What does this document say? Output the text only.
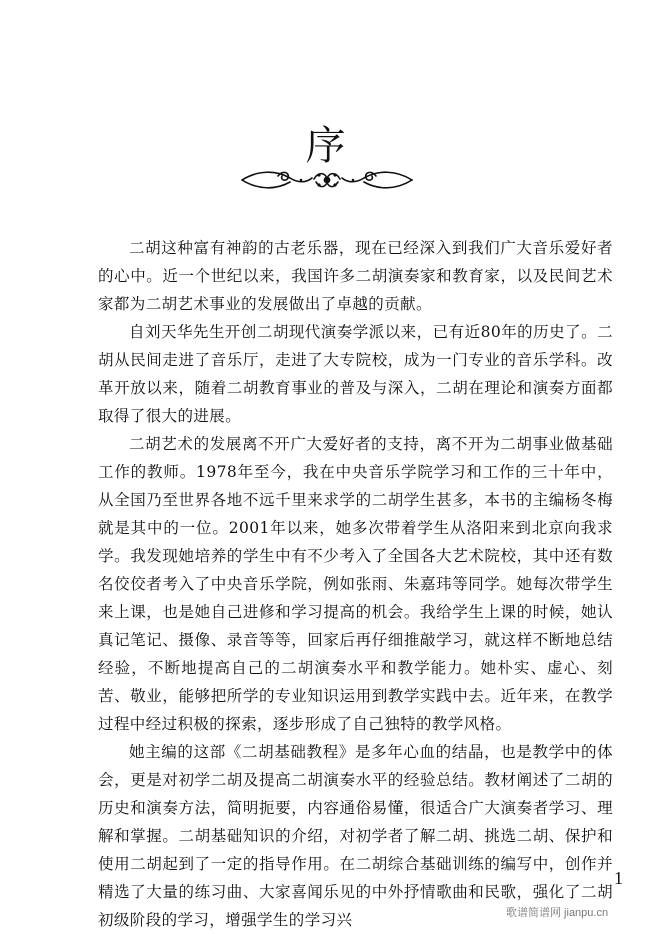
序

二胡这种富有神韵的古老乐器，现在已经深入到我们广大音乐爱好者的心中。近一个世纪以来，我国许多二胡演奏家和教育家，以及民间艺术家都为二胡艺术事业的发展做出了卓越的贡献。

自刘天华先生开创二胡现代演奏学派以来，已有近80年的历史了。二胡从民间走进了音乐厅，走进了大专院校，成为一门专业的音乐学科。改革开放以来，随着二胡教育事业的普及与深入，二胡在理论和演奏方面都取得了很大的进展。

二胡艺术的发展离不开广大爱好者的支持，离不开为二胡事业做基础工作的教师。1978年至今，我在中央音乐学院学习和工作的三十年中，从全国乃至世界各地不远千里来求学的二胡学生甚多，本书的主编杨冬梅就是其中的一位。2001年以来，她多次带着学生从洛阳来到北京向我求学。我发现她培养的学生中有不少考入了全国各大艺术院校，其中还有数名佼佼者考入了中央音乐学院，例如张雨、朱嘉玮等同学。她每次带学生来上课，也是她自己进修和学习提高的机会。我给学生上课的时候，她认真记笔记、摄像、录音等等，回家后再仔细推敲学习，就这样不断地总结经验，不断地提高自己的二胡演奏水平和教学能力。她朴实、虚心、刻苦、敬业，能够把所学的专业知识运用到教学实践中去。近年来，在教学过程中经过积极的探索，逐步形成了自己独特的教学风格。

她主编的这部《二胡基础教程》是多年心血的结晶，也是教学中的体会，更是对初学二胡及提高二胡演奏水平的经验总结。教材阐述了二胡的历史和演奏方法，简明扼要，内容通俗易懂，很适合广大演奏者学习、理解和掌握。二胡基础知识的介绍，对初学者了解二胡、挑选二胡、保护和使用二胡起到了一定的指导作用。在二胡综合基础训练的编写中，创作并精选了大量的练习曲、大家喜闻乐见的中外抒情歌曲和民歌，强化了二胡初级阶段的学习，增强学生的学习兴

1
歌谱简谱网 jianpu.cn
